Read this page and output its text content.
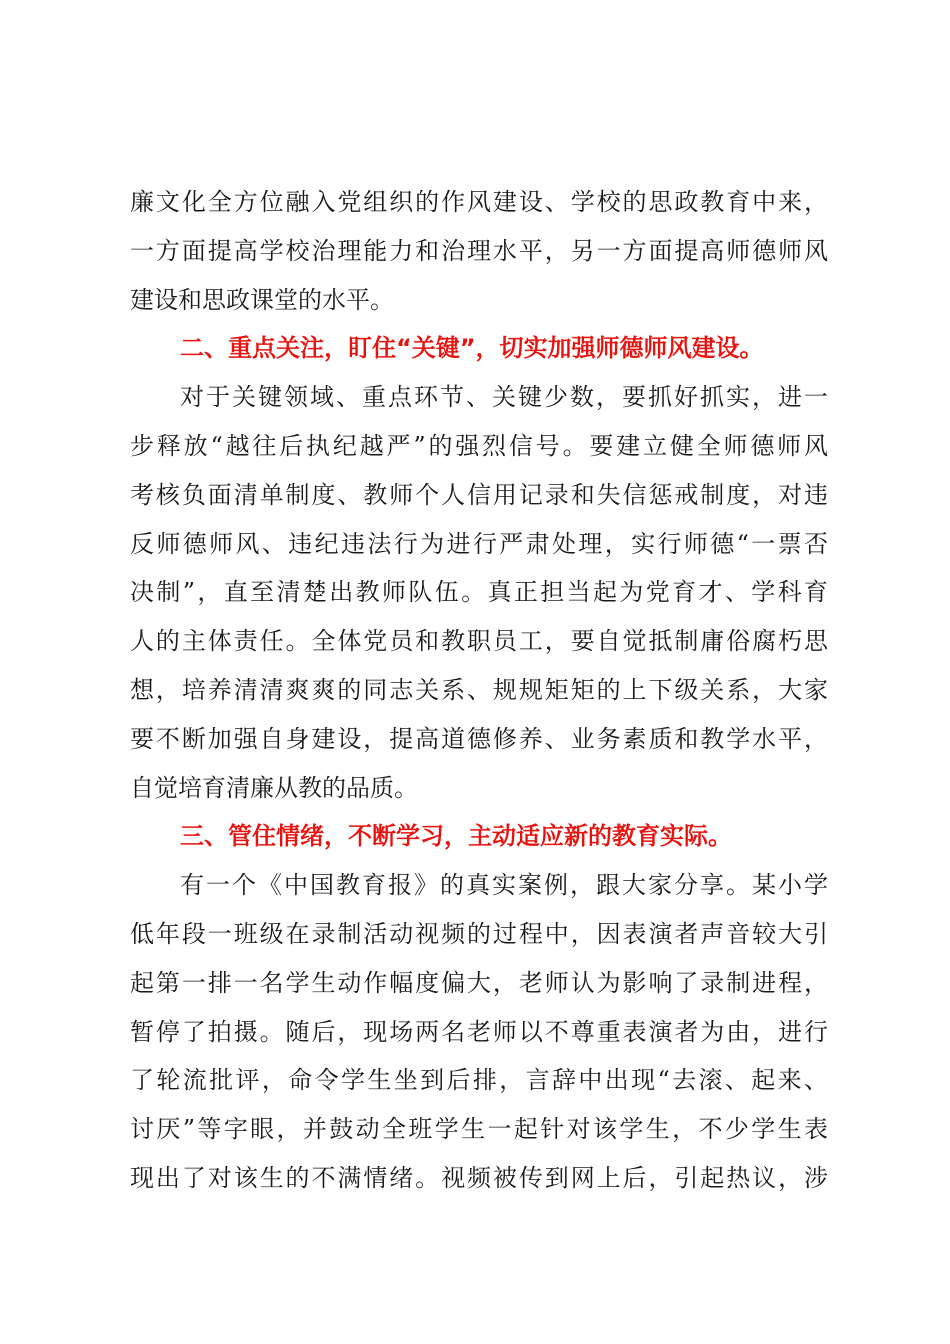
廉文化全方位融入党组织的作风建设、学校的思政教育中来，
一方面提高学校治理能力和治理水平，另一方面提高师德师风
建设和思政课堂的水平。
二、重点关注，盯住“关键”，切实加强师德师风建设。
对于关键领域、重点环节、关键少数，要抓好抓实，进一
步释放“越往后执纪越严”的强烈信号。要建立健全师德师风
考核负面清单制度、教师个人信用记录和失信惩戒制度，对违
反师德师风、违纪违法行为进行严肃处理，实行师德“一票否
决制”，直至清楚出教师队伍。真正担当起为党育才、学科育
人的主体责任。全体党员和教职员工，要自觉抵制庸俗腐朽思
想，培养清清爽爽的同志关系、规规矩矩的上下级关系，大家
要不断加强自身建设，提高道德修养、业务素质和教学水平，
自觉培育清廉从教的品质。
三、管住情绪，不断学习，主动适应新的教育实际。
有一个《中国教育报》的真实案例，跟大家分享。某小学
低年段一班级在录制活动视频的过程中，因表演者声音较大引
起第一排一名学生动作幅度偏大，老师认为影响了录制进程，
暂停了拍摄。随后，现场两名老师以不尊重表演者为由，进行
了轮流批评，命令学生坐到后排，言辞中出现“去滚、起来、
讨厌”等字眼，并鼓动全班学生一起针对该学生，不少学生表
现出了对该生的不满情绪。视频被传到网上后，引起热议，涉
